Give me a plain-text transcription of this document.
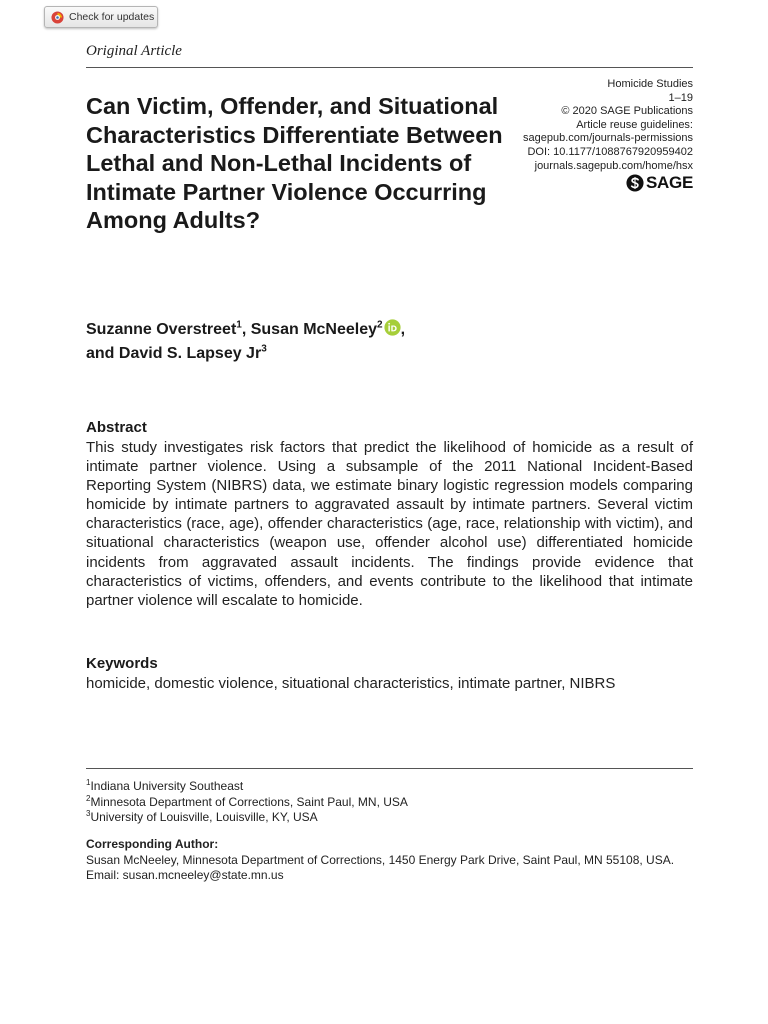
Check for updates
Original Article
Can Victim, Offender, and Situational Characteristics Differentiate Between Lethal and Non-Lethal Incidents of Intimate Partner Violence Occurring Among Adults?
Homicide Studies
1–19
© 2020 SAGE Publications
Article reuse guidelines:
sagepub.com/journals-permissions
DOI: 10.1177/1088767920959402
journals.sagepub.com/home/hsx
SAGE
Suzanne Overstreet$^1$, Susan McNeeley$^2$ ,
and David S. Lapsey Jr$^3$
Abstract
This study investigates risk factors that predict the likelihood of homicide as a result of intimate partner violence. Using a subsample of the 2011 National Incident-Based Reporting System (NIBRS) data, we estimate binary logistic regression models comparing homicide by intimate partners to aggravated assault by intimate partners. Several victim characteristics (race, age), offender characteristics (age, race, relationship with victim), and situational characteristics (weapon use, offender alcohol use) differentiated homicide incidents from aggravated assault incidents. The findings provide evidence that characteristics of victims, offenders, and events contribute to the likelihood that intimate partner violence will escalate to homicide.
Keywords
homicide, domestic violence, situational characteristics, intimate partner, NIBRS
$^1$Indiana University Southeast
$^2$Minnesota Department of Corrections, Saint Paul, MN, USA
$^3$University of Louisville, Louisville, KY, USA
Corresponding Author:
Susan McNeeley, Minnesota Department of Corrections, 1450 Energy Park Drive, Saint Paul, MN 55108, USA.
Email: susan.mcneeley@state.mn.us
